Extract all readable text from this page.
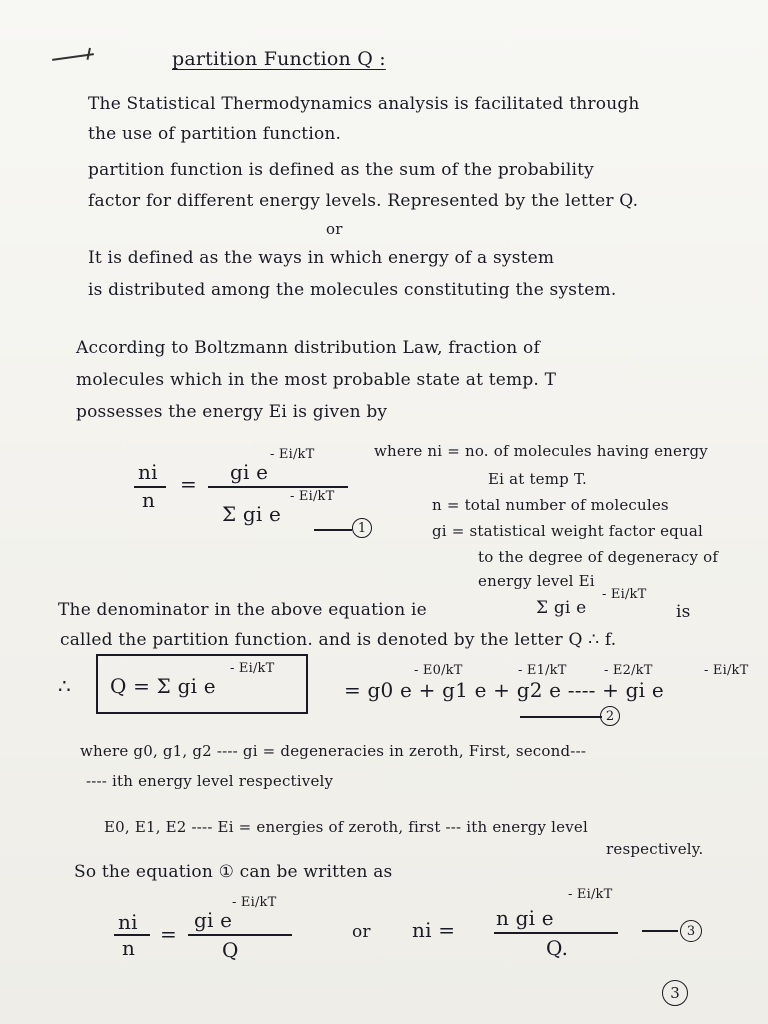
partition Function Q :
The Statistical Thermodynamics analysis is facilitated through
the use of partition function.
partition function is defined as the sum of the probability
factor for different energy levels. Represented by the letter Q.
or
It is defined as the ways in which energy of a system
is distributed among the molecules constituting the system.
According to Boltzmann distribution Law, fraction of
molecules which in the most probable state at temp. T
possesses the energy Ei is given by
ni
n
= gi e
- Ei/kT
Σ gi e
- Ei/kT
1
where ni = no. of molecules having energy
Ei at temp T.
n = total number of molecules
gi = statistical weight factor equal
to the degree of degeneracy of
energy level Ei
The denominator in the above equation ie	Σ gi e
- Ei/kT
is
called the partition function. and is denoted by the letter Q ∴ f.
∴ Q = Σ gi e
- Ei/kT
= g0 e + g1 e + g2 e ---- + gi e
- E0/kT	- E1/kT	- E2/kT	- Ei/kT
2
where g0, g1, g2 ---- gi = degeneracies in zeroth, First, second---
---- ith energy level respectively
E0, E1, E2 ---- Ei = energies of zeroth, first --- ith energy level
respectively.
So the equation ① can be written as
ni
n
=
gi e
- Ei/kT
Q
or ni = n gi e
- Ei/kT
Q.
3
3
